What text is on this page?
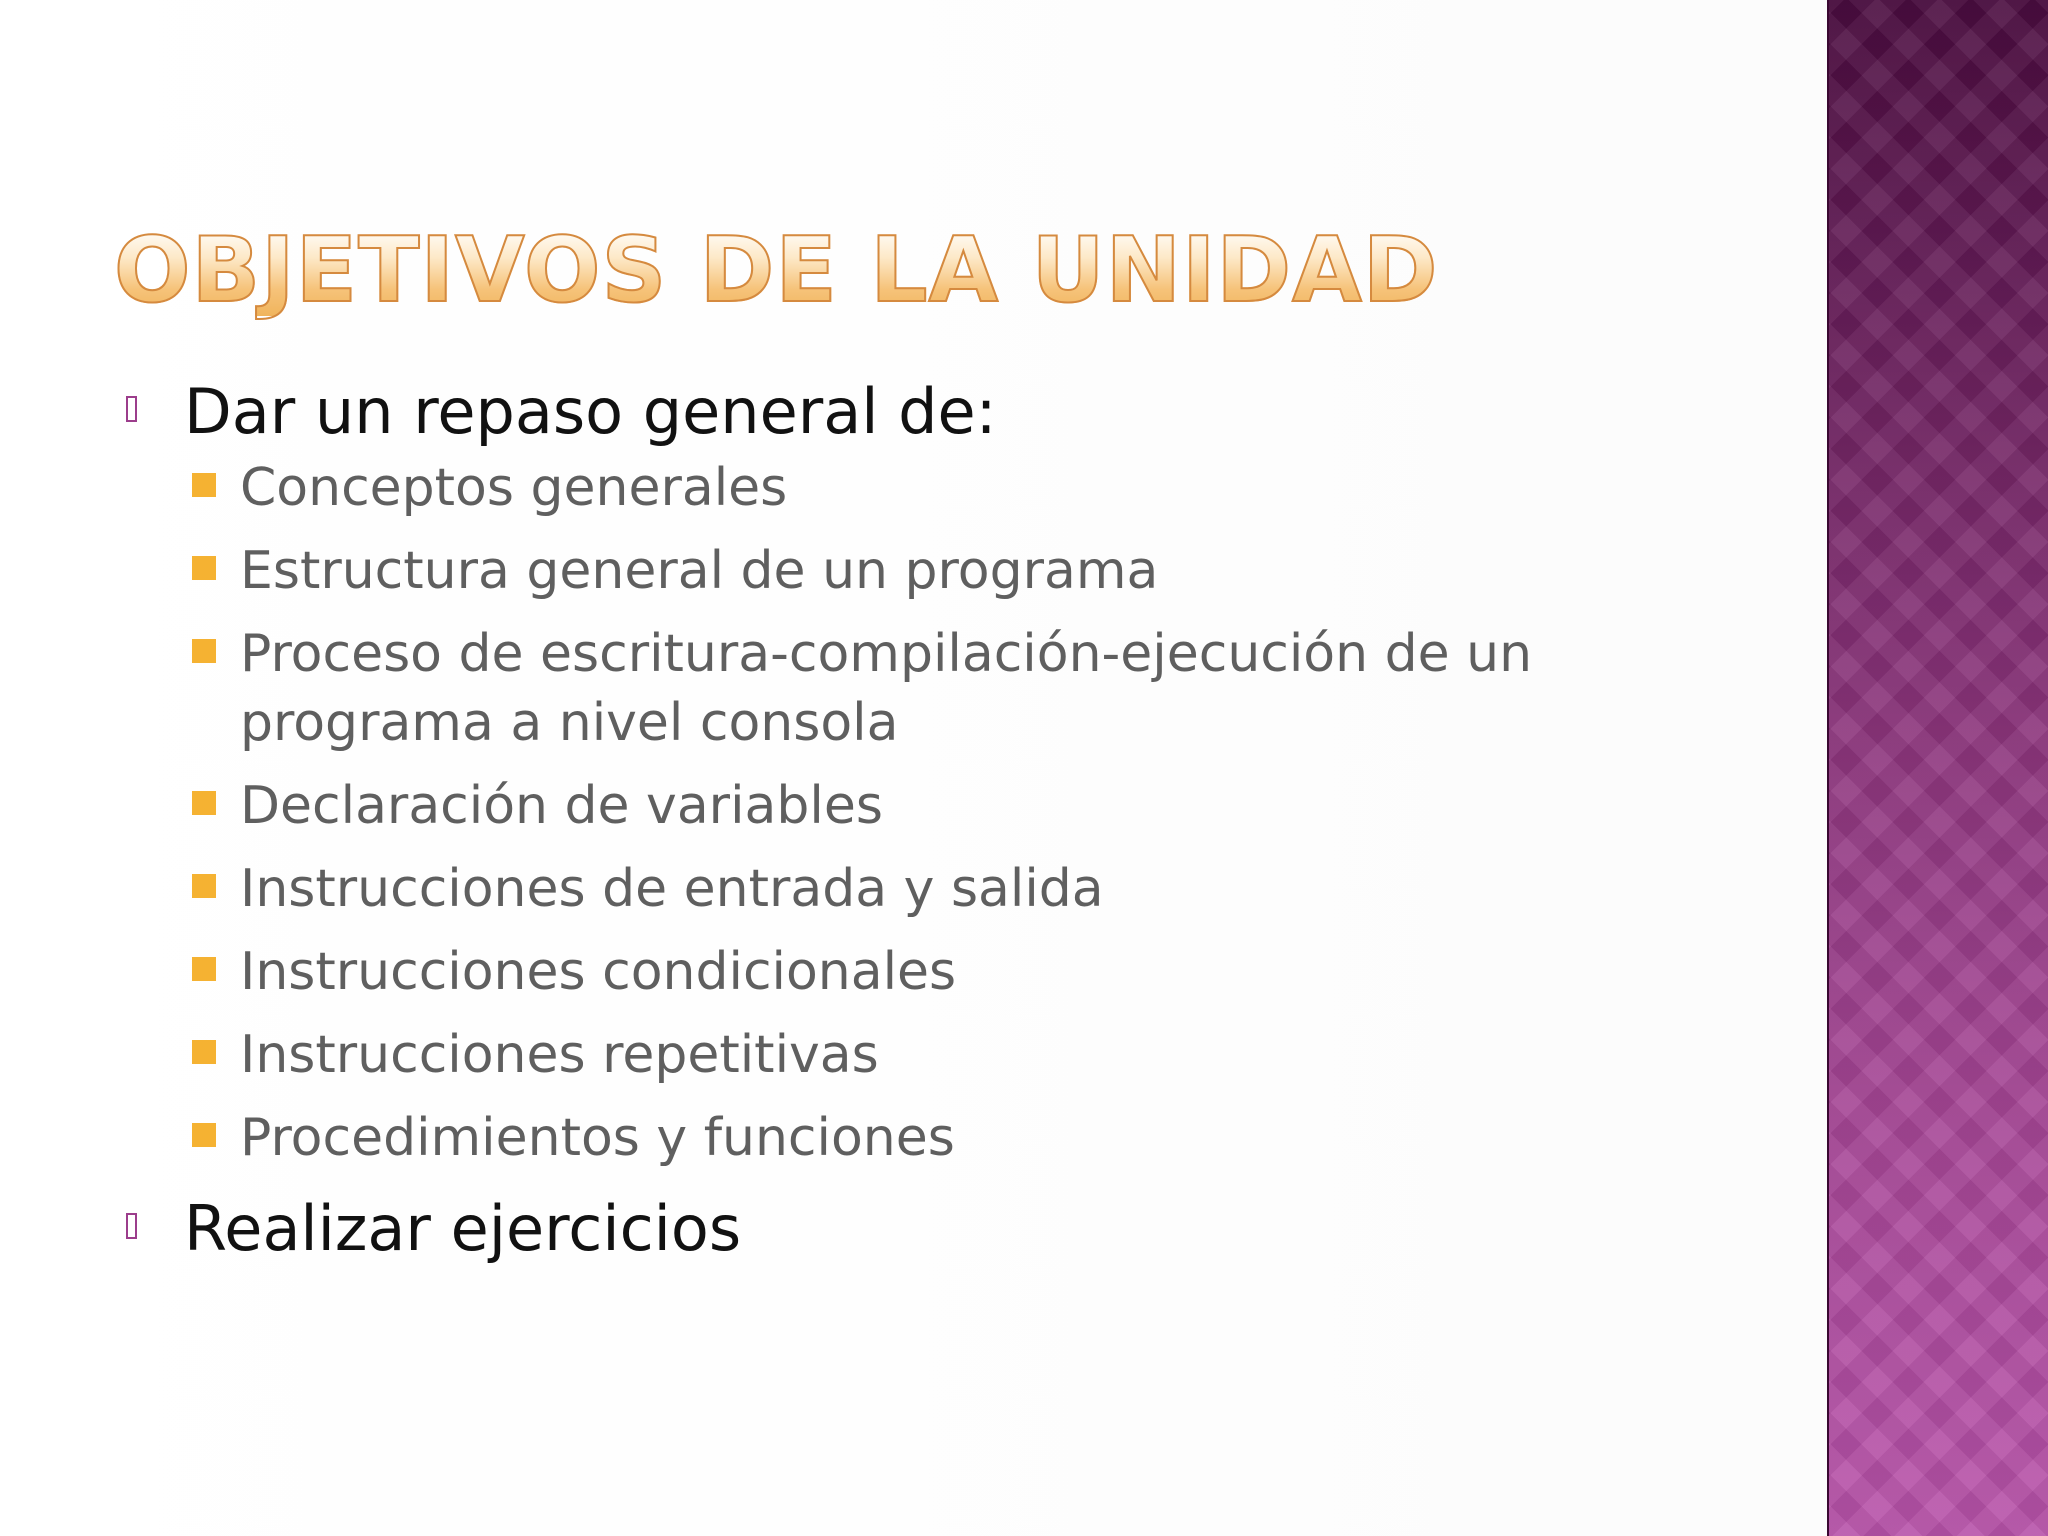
OBJETIVOS DE LA UNIDAD
Dar un repaso general de:
Conceptos generales
Estructura general de un programa
Proceso de escritura-compilación-ejecución de un programa a nivel consola
Declaración de variables
Instrucciones de entrada y salida
Instrucciones condicionales
Instrucciones repetitivas
Procedimientos y funciones
Realizar ejercicios
